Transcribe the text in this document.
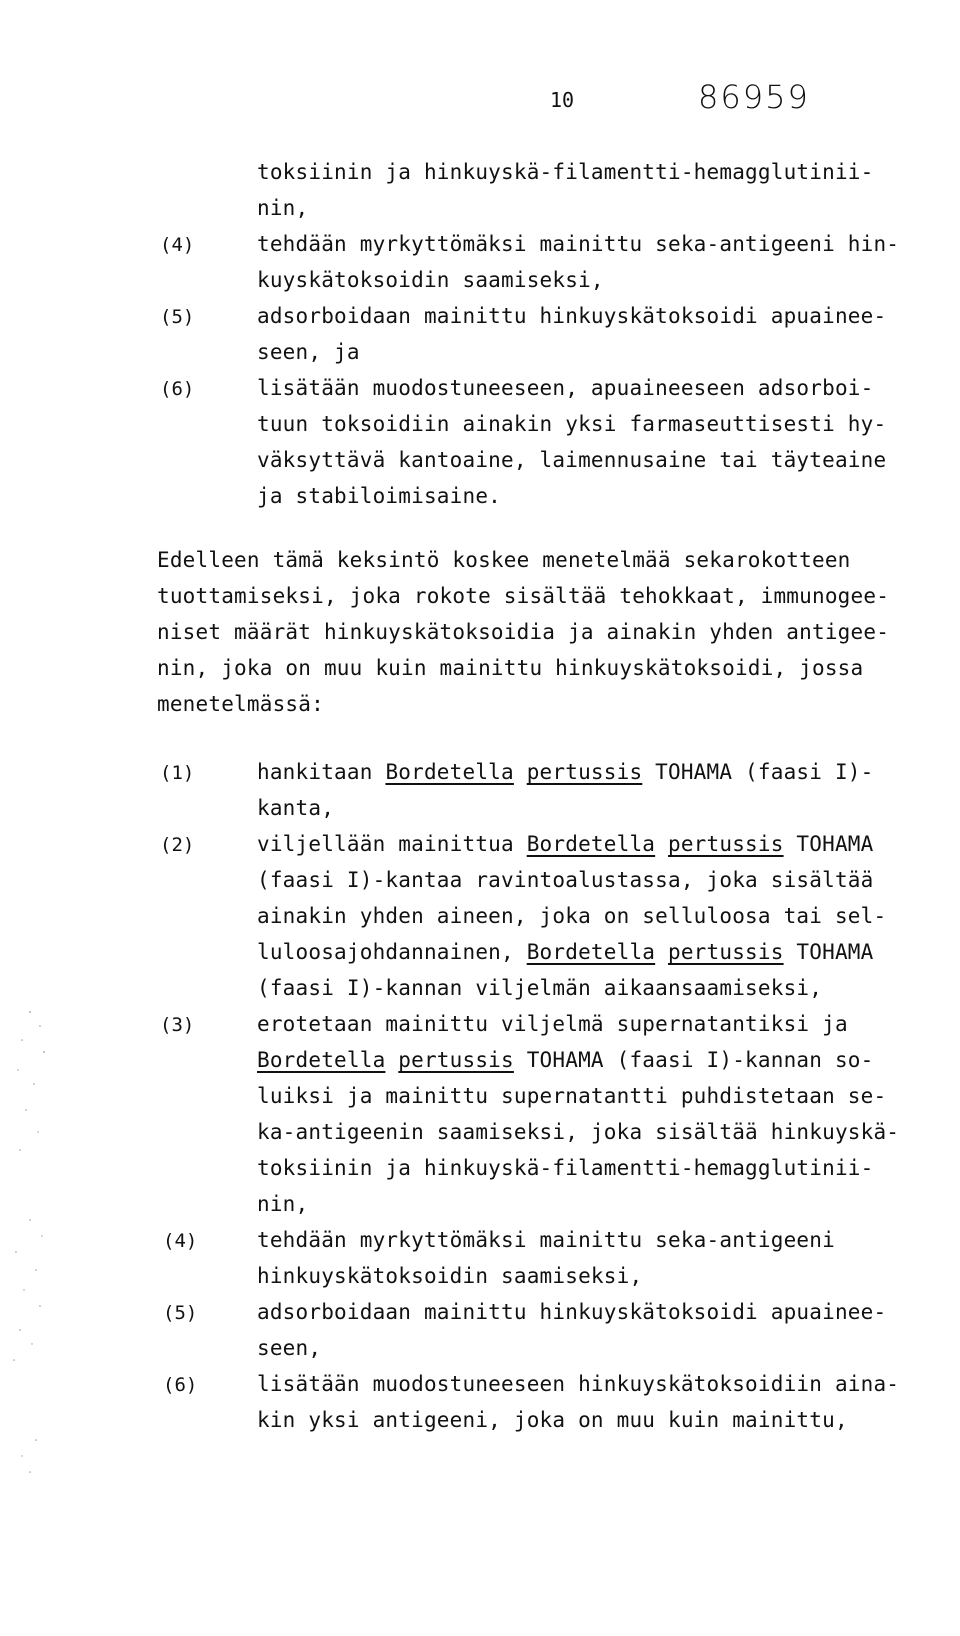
10	86959
toksiinin ja hinkuyskä-filamentti-hemagglutinii-
nin,
(4)	tehdään myrkyttömäksi mainittu seka-antigeeni hin-
kuyskätoksoidin saamiseksi,
(5)	adsorboidaan mainittu hinkuyskätoksoidi apuainee-
seen, ja
(6)	lisätään muodostuneeseen, apuaineeseen adsorboi-
tuun toksoidiin ainakin yksi farmaseuttisesti hy-
väksyttävä kantoaine, laimennusaine tai täyteaine
ja stabiloimisaine.
Edelleen tämä keksintö koskee menetelmää sekarokotteen
tuottamiseksi, joka rokote sisältää tehokkaat, immunogee-
niset määrät hinkuyskätoksoidia ja ainakin yhden antigee-
nin, joka on muu kuin mainittu hinkuyskätoksoidi, jossa
menetelmässä:
(1)	hankitaan Bordetella pertussis TOHAMA (faasi I)-
kanta,
(2)	viljellään mainittua Bordetella pertussis TOHAMA
(faasi I)-kantaa ravintoalustassa, joka sisältää
ainakin yhden aineen, joka on selluloosa tai sel-
luloosajohdannainen, Bordetella pertussis TOHAMA
(faasi I)-kannan viljelmän aikaansaamiseksi,
(3)	erotetaan mainittu viljelmä supernatantiksi ja
Bordetella pertussis TOHAMA (faasi I)-kannan so-
luiksi ja mainittu supernatantti puhdistetaan se-
ka-antigeenin saamiseksi, joka sisältää hinkuyskä-
toksiinin ja hinkuyskä-filamentti-hemagglutinii-
nin,
(4)	tehdään myrkyttömäksi mainittu seka-antigeeni
hinkuyskätoksoidin saamiseksi,
(5)	adsorboidaan mainittu hinkuyskätoksoidi apuainee-
seen,
(6)	lisätään muodostuneeseen hinkuyskätoksoidiin aina-
kin yksi antigeeni, joka on muu kuin mainittu,
